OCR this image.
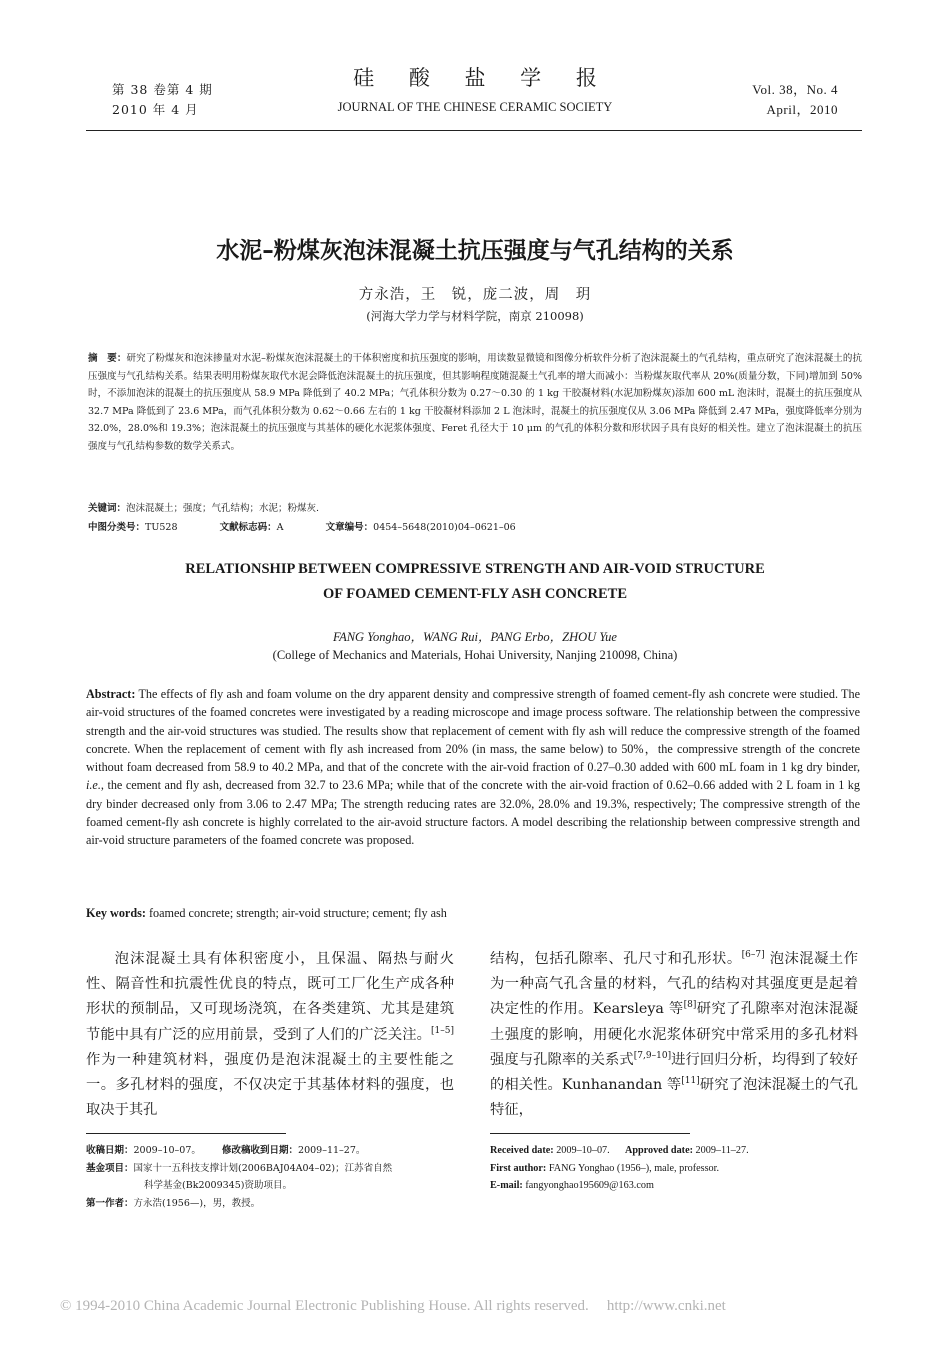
第 38 卷第 4 期
2010 年 4 月
硅 酸 盐 学 报
JOURNAL OF THE CHINESE CERAMIC SOCIETY
Vol. 38，No. 4
April，2010
水泥–粉煤灰泡沫混凝土抗压强度与气孔结构的关系
方永浩，王　锐，庞二波，周　玥
(河海大学力学与材料学院，南京 210098)
摘　要：研究了粉煤灰和泡沫掺量对水泥–粉煤灰泡沫混凝土的干体积密度和抗压强度的影响，用读数显微镜和图像分析软件分析了泡沫混凝土的气孔结构，重点研究了泡沫混凝土的抗压强度与气孔结构关系。结果表明用粉煤灰取代水泥会降低泡沫混凝土的抗压强度，但其影响程度随混凝土气孔率的增大而减小：当粉煤灰取代率从 20%(质量分数，下同)增加到 50%时，不添加泡沫的混凝土的抗压强度从 58.9 MPa 降低到了 40.2 MPa；气孔体积分数为 0.27～0.30 的 1 kg 干胶凝材料(水泥加粉煤灰)添加 600 mL 泡沫时，混凝土的抗压强度从 32.7 MPa 降低到了 23.6 MPa，而气孔体积分数为 0.62～0.66 左右的 1 kg 干胶凝材料添加 2 L 泡沫时，混凝土的抗压强度仅从 3.06 MPa 降低到 2.47 MPa，强度降低率分别为 32.0%，28.0%和 19.3%；泡沫混凝土的抗压强度与其基体的硬化水泥浆体强度、Feret 孔径大于 10 μm 的气孔的体积分数和形状因子具有良好的相关性。建立了泡沫混凝土的抗压强度与气孔结构参数的数学关系式。
关键词：泡沫混凝土；强度；气孔结构；水泥；粉煤灰.
中图分类号：TU528	文献标志码：A	文章编号：0454–5648(2010)04–0621–06
RELATIONSHIP BETWEEN COMPRESSIVE STRENGTH AND AIR-VOID STRUCTURE
OF FOAMED CEMENT-FLY ASH CONCRETE
FANG Yonghao，WANG Rui，PANG Erbo，ZHOU Yue
(College of Mechanics and Materials, Hohai University, Nanjing 210098, China)
Abstract: The effects of fly ash and foam volume on the dry apparent density and compressive strength of foamed cement-fly ash concrete were studied. The air-void structures of the foamed concretes were investigated by a reading microscope and image process software. The relationship between the compressive strength and the air-void structures was studied. The results show that replacement of cement with fly ash will reduce the compressive strength of the foamed concrete. When the replacement of cement with fly ash increased from 20% (in mass, the same below) to 50%，the compressive strength of the concrete without foam decreased from 58.9 to 40.2 MPa, and that of the concrete with the air-void fraction of 0.27–0.30 added with 600 mL foam in 1 kg dry binder, i.e., the cement and fly ash, decreased from 32.7 to 23.6 MPa; while that of the concrete with the air-void fraction of 0.62–0.66 added with 2 L foam in 1 kg dry binder decreased only from 3.06 to 2.47 MPa; The strength reducing rates are 32.0%, 28.0% and 19.3%, respectively; The compressive strength of the foamed cement-fly ash concrete is highly correlated to the air-avoid structure factors. A model describing the relationship between compressive strength and air-void structure parameters of the foamed concrete was proposed.
Key words: foamed concrete; strength; air-void structure; cement; fly ash
泡沫混凝土具有体积密度小，且保温、隔热与耐火性、隔音性和抗震性优良的特点，既可工厂化生产成各种形状的预制品，又可现场浇筑，在各类建筑、尤其是建筑节能中具有广泛的应用前景，受到了人们的广泛关注。[1–5] 作为一种建筑材料，强度仍是泡沫混凝土的主要性能之一。多孔材料的强度，不仅决定于其基体材料的强度，也取决于其孔
结构，包括孔隙率、孔尺寸和孔形状。[6–7] 泡沫混凝土作为一种高气孔含量的材料，气孔的结构对其强度更是起着决定性的作用。Kearsleya 等[8]研究了孔隙率对泡沫混凝土强度的影响，用硬化水泥浆体研究中常采用的多孔材料强度与孔隙率的关系式[7,9–10]进行回归分析，均得到了较好的相关性。Kunhanandan 等[11]研究了泡沫混凝土的气孔特征，
收稿日期：2009–10–07。 修改稿收到日期：2009–11–27。
基金项目：国家十一五科技支撑计划(2006BAJ04A04–02)；江苏省自然
科学基金(Bk2009345)资助项目。
第一作者：方永浩(1956—)，男，教授。
Received date: 2009–10–07. Approved date: 2009–11–27.
First author: FANG Yonghao (1956–), male, professor.
E-mail: fangyonghao195609@163.com
© 1994-2010 China Academic Journal Electronic Publishing House. All rights reserved. http://www.cnki.net
